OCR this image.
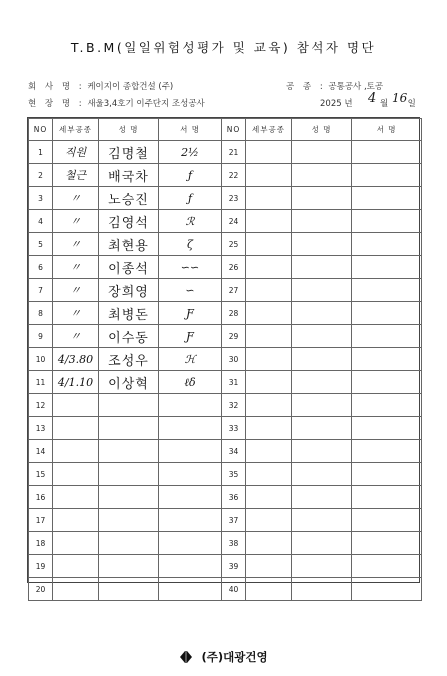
T.B.M(일일위험성평가 및 교육) 참석자 명단
회 사 명 : 케이지이 종합건설 (주)
현 장 명 : 새울3,4호기 이주단지 조성공사
공 종 : 공통공사 ,토공
2025 년	월 일
4 16
NO	세부공종	성 명	서 명	NO	세부공종	성 명	서 명
1	직원	김명철	2½	21			
2	철근	배국차	ƒ	22			
3	〃	노승진	ƒ	23			
4	〃	김영석	ℛ	24			
5	〃	최현용	ζ	25			
6	〃	이종석	∽∽	26			
7	〃	장희영	∽	27			
8	〃	최병돈	Ƒ	28			
9	〃	이수동	Ƒ	29			
10	4/3.80	조성우	ℋ	30			
11	4/1.10	이상혁	ℓδ	31			
12				32			
13				33			
14				34			
15				35			
16				36			
17				37			
18				38			
19				39			
20				40			
(주)대광건영
